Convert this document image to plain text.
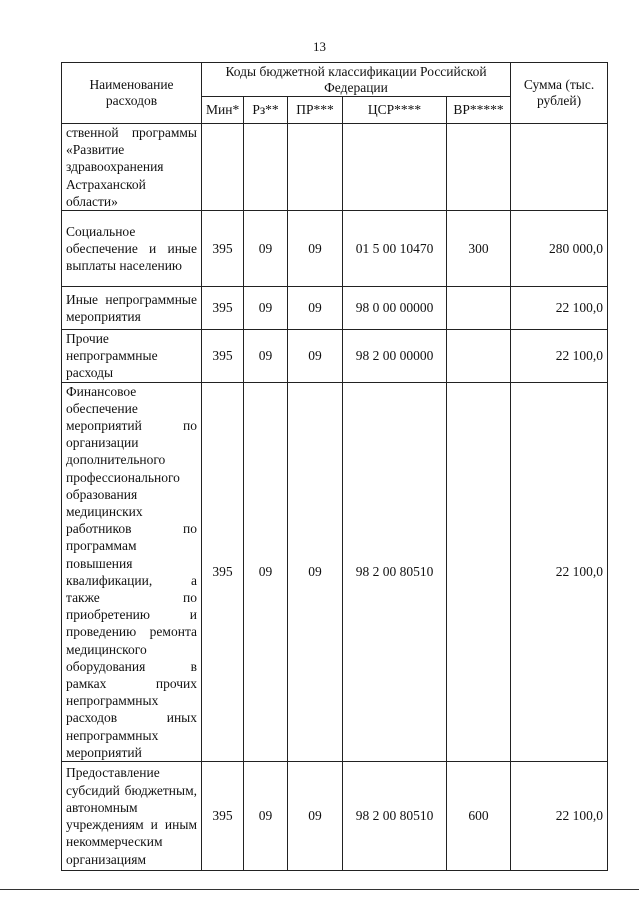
13
Наименование расходов	Коды бюджетной классификации Российской Федерации					Сумма (тыс. рублей)
	Мин*	Рз**	ПР***	ЦСР****	ВР*****	
ственной программы «Развитие здравоохранения Астраханской области»						
Социальное обеспечение и иные выплаты населению	395	09	09	01 5 00 10470	300	280 000,0
Иные непрограммные мероприятия	395	09	09	98 0 00 00000		22 100,0
Прочие непрограммные расходы	395	09	09	98 2 00 00000		22 100,0
Финансовое обеспечение мероприятий по организации дополнительного профессионального образования медицинских работников по программам повышения квалификации, а также по приобретению и проведению ремонта медицинского оборудования в рамках прочих непрограммных расходов иных непрограммных мероприятий	395	09	09	98 2 00 80510		22 100,0
Предоставление субсидий бюджетным, автономным учреждениям и иным некоммерческим организациям	395	09	09	98 2 00 80510	600	22 100,0
